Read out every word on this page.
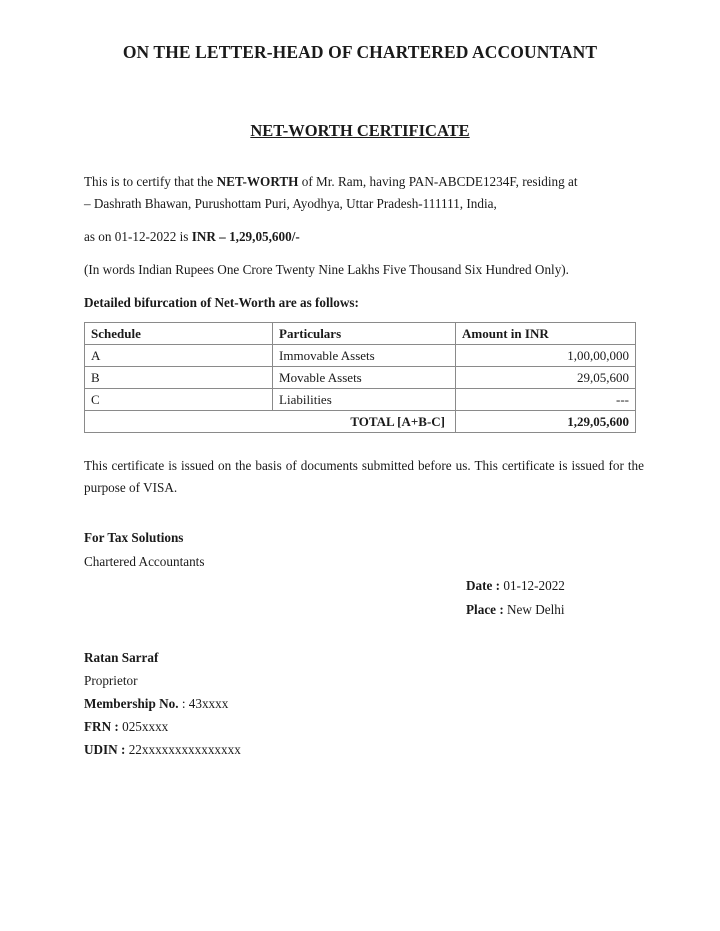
ON THE LETTER-HEAD OF CHARTERED ACCOUNTANT
NET-WORTH CERTIFICATE
This is to certify that the NET-WORTH of Mr. Ram, having PAN-ABCDE1234F, residing at
– Dashrath Bhawan, Purushottam Puri, Ayodhya, Uttar Pradesh-111111, India,
as on 01-12-2022 is INR – 1,29,05,600/-
(In words Indian Rupees One Crore Twenty Nine Lakhs Five Thousand Six Hundred Only).
Detailed bifurcation of Net-Worth are as follows:
Schedule	Particulars	Amount in INR
A	Immovable Assets	1,00,00,000
B	Movable Assets	29,05,600
C	Liabilities	---
TOTAL [A+B-C]		1,29,05,600
This certificate is issued on the basis of documents submitted before us. This certificate is issued for the purpose of VISA.
For Tax Solutions
Chartered Accountants
Date : 01-12-2022
Place : New Delhi
Ratan Sarraf
Proprietor
Membership No. : 43xxxx
FRN : 025xxxx
UDIN : 22xxxxxxxxxxxxxxx
